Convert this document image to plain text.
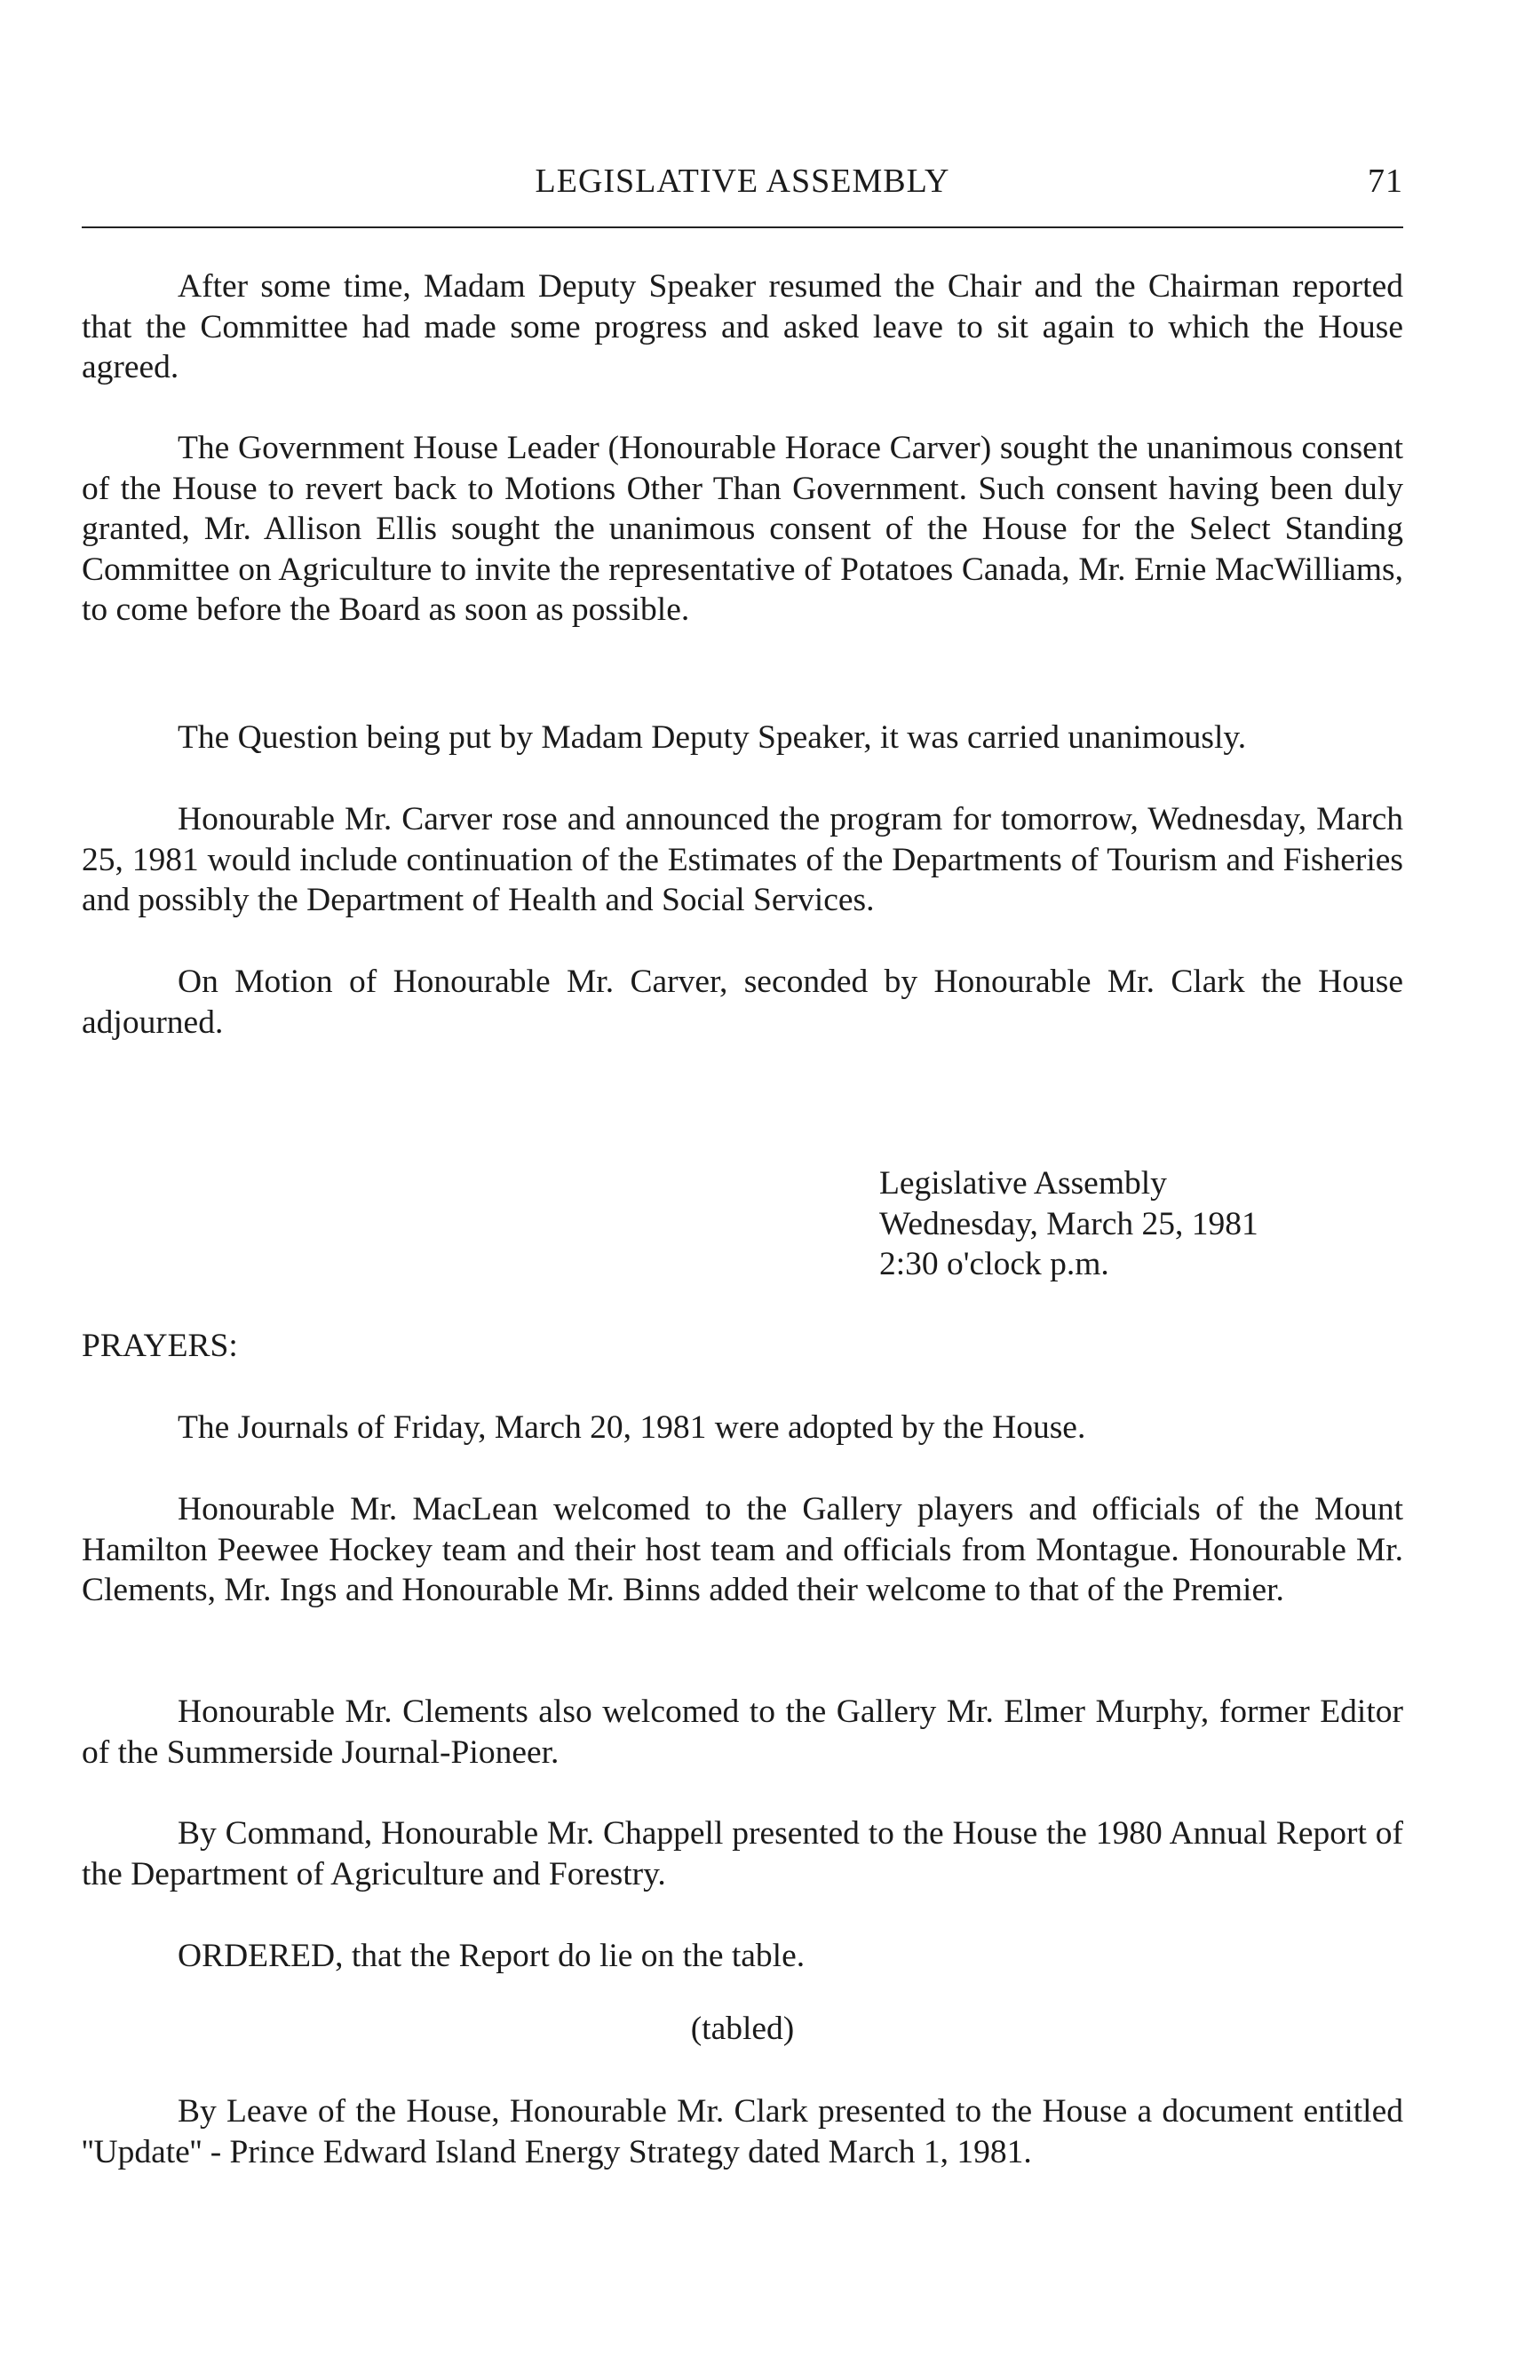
LEGISLATIVE ASSEMBLY	71

After some time, Madam Deputy Speaker resumed the Chair and the Chairman reported that the Committee had made some progress and asked leave to sit again to which the House agreed.

The Government House Leader (Honourable Horace Carver) sought the unanimous consent of the House to revert back to Motions Other Than Government. Such consent having been duly granted, Mr. Allison Ellis sought the unanimous consent of the House for the Select Standing Committee on Agriculture to invite the representative of Potatoes Canada, Mr. Ernie MacWilliams, to come before the Board as soon as possible.

The Question being put by Madam Deputy Speaker, it was carried unanimously.

Honourable Mr. Carver rose and announced the program for tomorrow, Wednesday, March 25, 1981 would include continuation of the Estimates of the Departments of Tourism and Fisheries and possibly the Department of Health and Social Services.

On Motion of Honourable Mr. Carver, seconded by Honourable Mr. Clark the House adjourned.

Legislative Assembly
Wednesday, March 25, 1981
2:30 o'clock p.m.

PRAYERS:

The Journals of Friday, March 20, 1981 were adopted by the House.

Honourable Mr. MacLean welcomed to the Gallery players and officials of the Mount Hamilton Peewee Hockey team and their host team and officials from Montague. Honourable Mr. Clements, Mr. Ings and Honourable Mr. Binns added their welcome to that of the Premier.

Honourable Mr. Clements also welcomed to the Gallery Mr. Elmer Murphy, former Editor of the Summerside Journal-Pioneer.

By Command, Honourable Mr. Chappell presented to the House the 1980 Annual Report of the Department of Agriculture and Forestry.

ORDERED, that the Report do lie on the table.

(tabled)

By Leave of the House, Honourable Mr. Clark presented to the House a document entitled ''Update'' - Prince Edward Island Energy Strategy dated March 1, 1981.
